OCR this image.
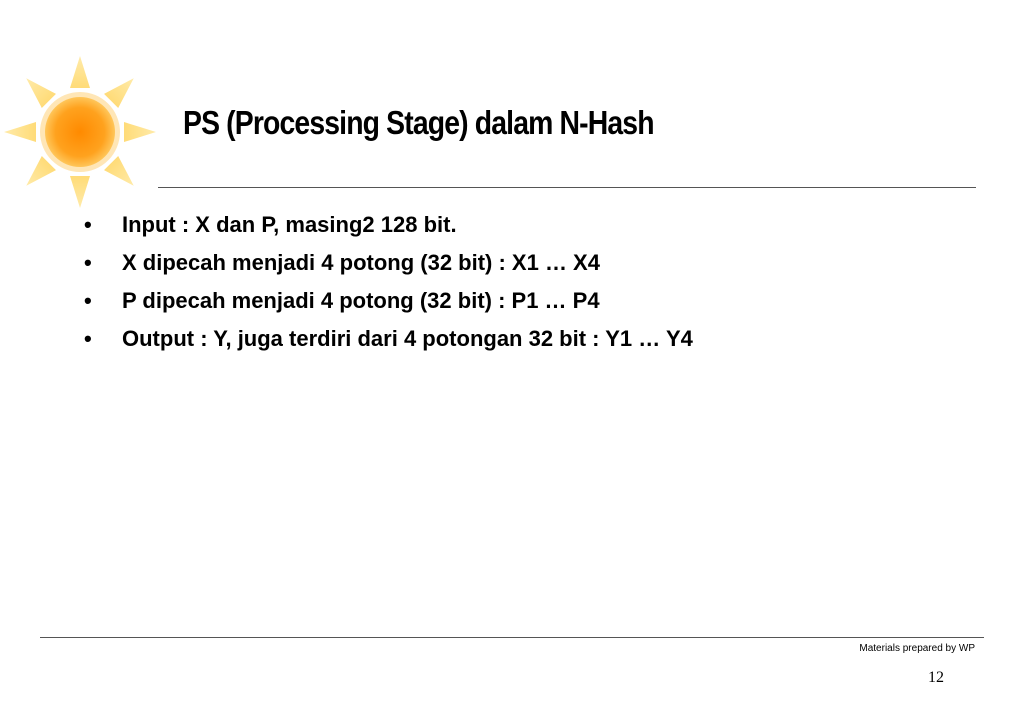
PS (Processing Stage) dalam N-Hash
• Input : X dan P, masing2 128 bit.
• X dipecah menjadi 4 potong (32 bit) : X1 … X4
• P dipecah menjadi 4 potong (32 bit) : P1 … P4
• Output : Y, juga terdiri dari 4 potongan 32 bit : Y1 … Y4
Materials prepared by WP
12
